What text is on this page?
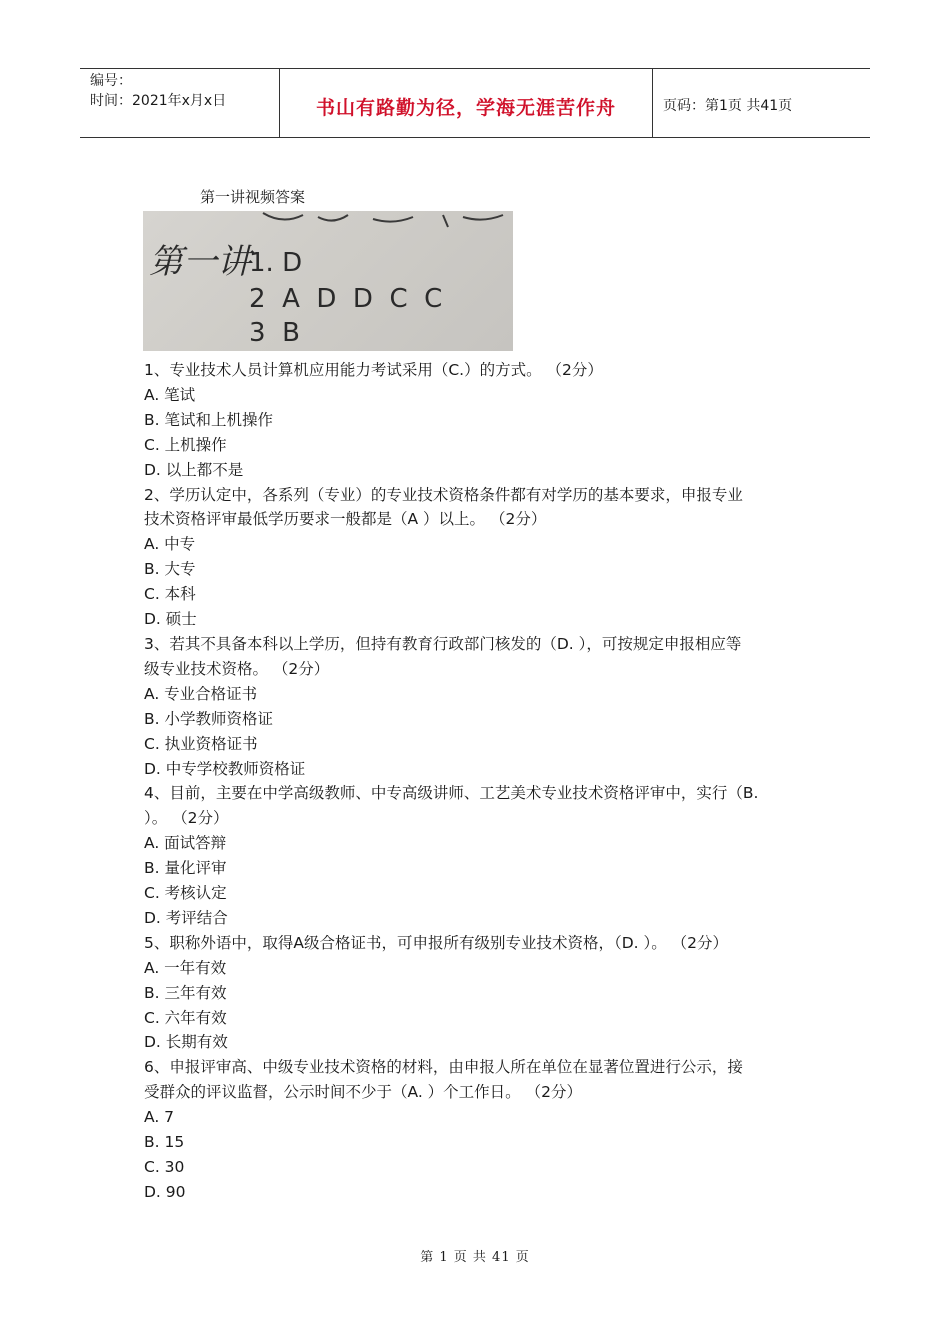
编号：
时间：2021年x月x日	书山有路勤为径，学海无涯苦作舟	页码：第1页 共41页
第一讲视频答案
第一讲
1. D
2  A  D  D  C  C
3  B

1、专业技术人员计算机应用能力考试采用（C.）的方式。 （2分）

A. 笔试

B. 笔试和上机操作

C. 上机操作

D. 以上都不是

2、学历认定中，各系列（专业）的专业技术资格条件都有对学历的基本要求，申报专业

技术资格评审最低学历要求一般都是（A ）以上。 （2分）

A. 中专

B. 大专

C. 本科

D. 硕士

3、若其不具备本科以上学历，但持有教育行政部门核发的（D. ），可按规定申报相应等

级专业技术资格。 （2分）

A. 专业合格证书

B. 小学教师资格证

C. 执业资格证书

D. 中专学校教师资格证

4、目前，主要在中学高级教师、中专高级讲师、工艺美术专业技术资格评审中，实行（B.

）。 （2分）

A. 面试答辩

B. 量化评审

C. 考核认定

D. 考评结合

5、职称外语中，取得A级合格证书，可申报所有级别专业技术资格，（D. ）。 （2分）

A. 一年有效

B. 三年有效

C. 六年有效

D. 长期有效

6、申报评审高、中级专业技术资格的材料，由申报人所在单位在显著位置进行公示，接

受群众的评议监督，公示时间不少于（A. ）个工作日。 （2分）

A. 7

B. 15

C. 30

D. 90

第 1 页 共 41 页
